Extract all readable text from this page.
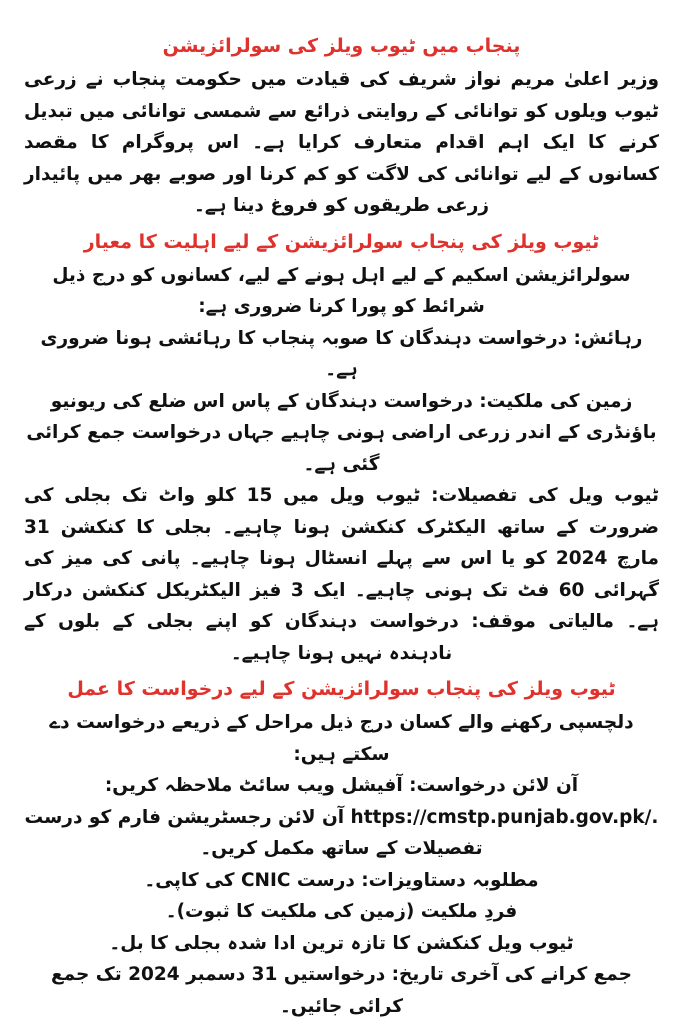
پنجاب میں ٹیوب ویلز کی سولرائزیشن

وزیر اعلیٰ مریم نواز شریف کی قیادت میں حکومت پنجاب نے زرعی ٹیوب ویلوں کو توانائی کے روایتی ذرائع سے شمسی توانائی میں تبدیل کرنے کا ایک اہم اقدام متعارف کرایا ہے۔ اس پروگرام کا مقصد کسانوں کے لیے توانائی کی لاگت کو کم کرنا اور صوبے بھر میں پائیدار زرعی طریقوں کو فروغ دینا ہے۔

ٹیوب ویلز کی پنجاب سولرائزیشن کے لیے اہلیت کا معیار

سولرائزیشن اسکیم کے لیے اہل ہونے کے لیے، کسانوں کو درج ذیل شرائط کو پورا کرنا ضروری ہے:

رہائش: درخواست دہندگان کا صوبہ پنجاب کا رہائشی ہونا ضروری ہے۔

زمین کی ملکیت: درخواست دہندگان کے پاس اس ضلع کی ریونیو باؤنڈری کے اندر زرعی اراضی ہونی چاہیے جہاں درخواست جمع کرائی گئی ہے۔

ٹیوب ویل کی تفصیلات: ٹیوب ویل میں 15 کلو واٹ تک بجلی کی ضرورت کے ساتھ الیکٹرک کنکشن ہونا چاہیے۔ بجلی کا کنکشن 31 مارچ 2024 کو یا اس سے پہلے انسٹال ہونا چاہیے۔ پانی کی میز کی گہرائی 60 فٹ تک ہونی چاہیے۔ ایک 3 فیز الیکٹریکل کنکشن درکار ہے۔ مالیاتی موقف: درخواست دہندگان کو اپنے بجلی کے بلوں کے نادہندہ نہیں ہونا چاہیے۔

ٹیوب ویلز کی پنجاب سولرائزیشن کے لیے درخواست کا عمل

دلچسپی رکھنے والے کسان درج ذیل مراحل کے ذریعے درخواست دے سکتے ہیں:

آن لائن درخواست: آفیشل ویب سائٹ ملاحظہ کریں: https://cmstp.punjab.gov.pk/. آن لائن رجسٹریشن فارم کو درست تفصیلات کے ساتھ مکمل کریں۔

مطلوبہ دستاویزات: درست CNIC کی کاپی۔

فردِ ملکیت (زمین کی ملکیت کا ثبوت)۔

ٹیوب ویل کنکشن کا تازہ ترین ادا شدہ بجلی کا بل۔

جمع کرانے کی آخری تاریخ: درخواستیں 31 دسمبر 2024 تک جمع کرائی جائیں۔
